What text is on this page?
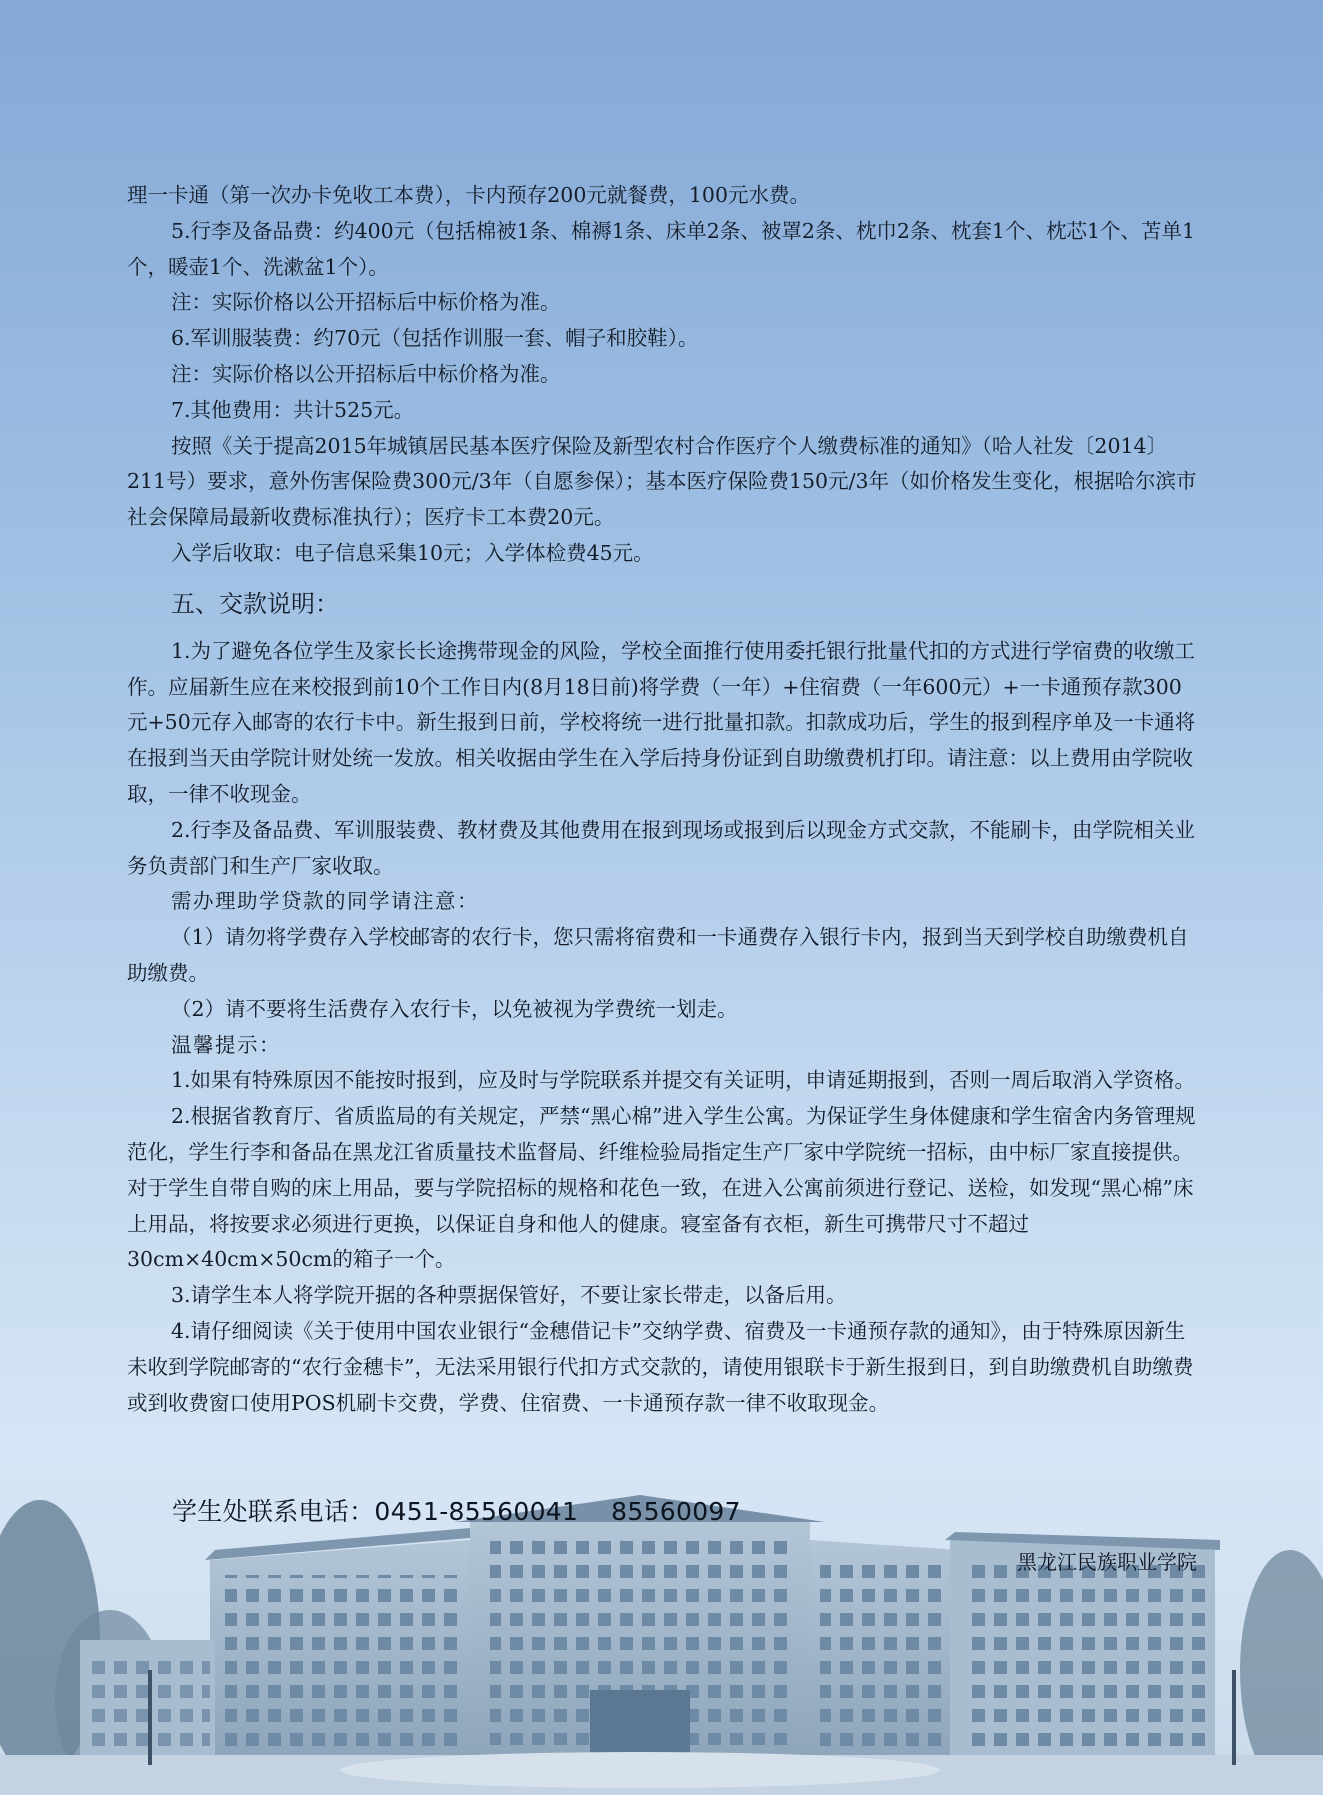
理一卡通（第一次办卡免收工本费），卡内预存200元就餐费，100元水费。

5.行李及备品费：约400元（包括棉被1条、棉褥1条、床单2条、被罩2条、枕巾2条、枕套1个、枕芯1个、苫单1个，暖壶1个、洗漱盆1个）。

注：实际价格以公开招标后中标价格为准。

6.军训服装费：约70元（包括作训服一套、帽子和胶鞋）。

注：实际价格以公开招标后中标价格为准。

7.其他费用：共计525元。

按照《关于提高2015年城镇居民基本医疗保险及新型农村合作医疗个人缴费标准的通知》（哈人社发〔2014〕211号）要求，意外伤害保险费300元/3年（自愿参保）；基本医疗保险费150元/3年（如价格发生变化，根据哈尔滨市社会保障局最新收费标准执行）；医疗卡工本费20元。

入学后收取：电子信息采集10元；入学体检费45元。

五、交款说明：

1.为了避免各位学生及家长长途携带现金的风险，学校全面推行使用委托银行批量代扣的方式进行学宿费的收缴工作。应届新生应在来校报到前10个工作日内(8月18日前)将学费（一年）+住宿费（一年600元）+一卡通预存款300元+50元存入邮寄的农行卡中。新生报到日前，学校将统一进行批量扣款。扣款成功后，学生的报到程序单及一卡通将在报到当天由学院计财处统一发放。相关收据由学生在入学后持身份证到自助缴费机打印。请注意：以上费用由学院收取，一律不收现金。

2.行李及备品费、军训服装费、教材费及其他费用在报到现场或报到后以现金方式交款，不能刷卡，由学院相关业务负责部门和生产厂家收取。

需办理助学贷款的同学请注意：

（1）请勿将学费存入学校邮寄的农行卡，您只需将宿费和一卡通费存入银行卡内，报到当天到学校自助缴费机自助缴费。

（2）请不要将生活费存入农行卡，以免被视为学费统一划走。

温馨提示：

1.如果有特殊原因不能按时报到，应及时与学院联系并提交有关证明，申请延期报到，否则一周后取消入学资格。

2.根据省教育厅、省质监局的有关规定，严禁“黑心棉”进入学生公寓。为保证学生身体健康和学生宿舍内务管理规范化，学生行李和备品在黑龙江省质量技术监督局、纤维检验局指定生产厂家中学院统一招标，由中标厂家直接提供。对于学生自带自购的床上用品，要与学院招标的规格和花色一致，在进入公寓前须进行登记、送检，如发现“黑心棉”床上用品，将按要求必须进行更换，以保证自身和他人的健康。寝室备有衣柜，新生可携带尺寸不超过30cm×40cm×50cm的箱子一个。

3.请学生本人将学院开据的各种票据保管好，不要让家长带走，以备后用。

4.请仔细阅读《关于使用中国农业银行“金穗借记卡”交纳学费、宿费及一卡通预存款的通知》，由于特殊原因新生未收到学院邮寄的“农行金穗卡”，无法采用银行代扣方式交款的，请使用银联卡于新生报到日，到自助缴费机自助缴费或到收费窗口使用POS机刷卡交费，学费、住宿费、一卡通预存款一律不收取现金。

学生处联系电话：0451-85560041    85560097
黑龙江民族职业学院
